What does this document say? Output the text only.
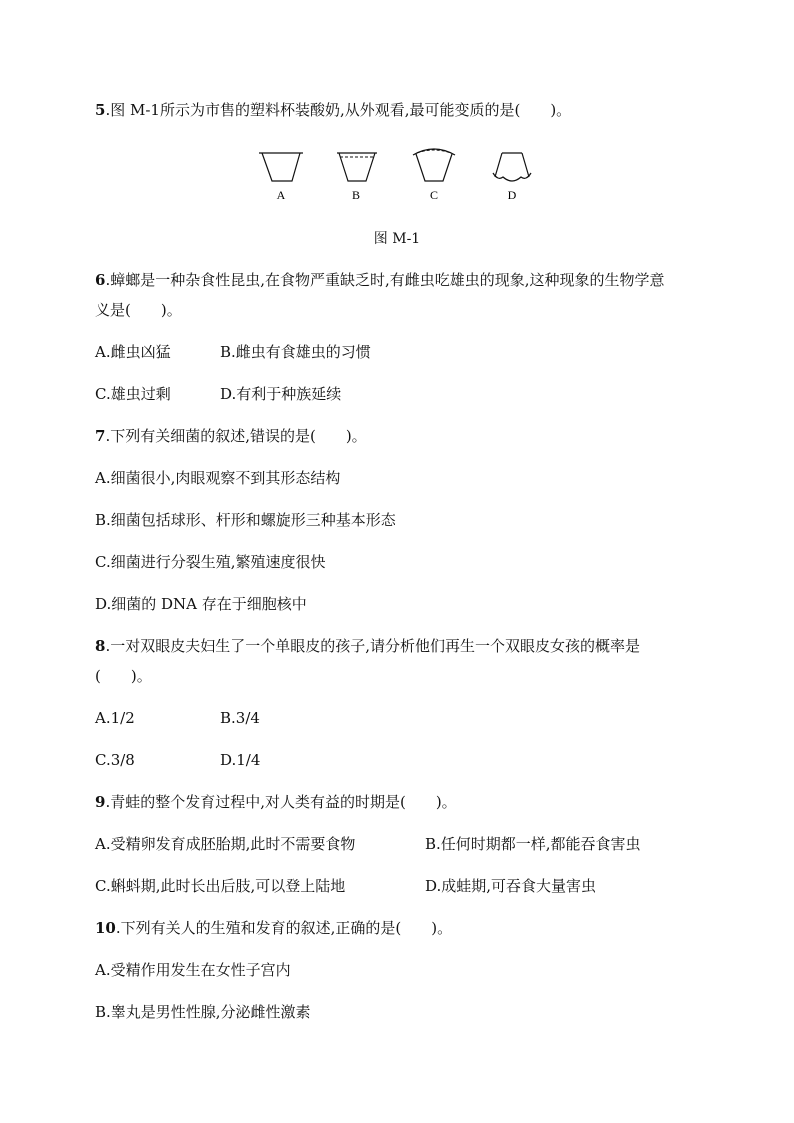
5.图 M-1所示为市售的塑料杯装酸奶,从外观看,最可能变质的是(　　)。
A	B	C	D
图 M-1
6.蟑螂是一种杂食性昆虫,在食物严重缺乏时,有雌虫吃雄虫的现象,这种现象的生物学意
义是(　　)。
A.雌虫凶猛	B.雌虫有食雄虫的习惯
C.雄虫过剩	D.有利于种族延续
7.下列有关细菌的叙述,错误的是(　　)。
A.细菌很小,肉眼观察不到其形态结构
B.细菌包括球形、杆形和螺旋形三种基本形态
C.细菌进行分裂生殖,繁殖速度很快
D.细菌的 DNA 存在于细胞核中
8.一对双眼皮夫妇生了一个单眼皮的孩子,请分析他们再生一个双眼皮女孩的概率是
(　　)。
A.1/2	B.3/4
C.3/8	D.1/4
9.青蛙的整个发育过程中,对人类有益的时期是(　　)。
A.受精卵发育成胚胎期,此时不需要食物	B.任何时期都一样,都能吞食害虫
C.蝌蚪期,此时长出后肢,可以登上陆地	D.成蛙期,可吞食大量害虫
10.下列有关人的生殖和发育的叙述,正确的是(　　)。
A.受精作用发生在女性子宫内
B.睾丸是男性性腺,分泌雌性激素
